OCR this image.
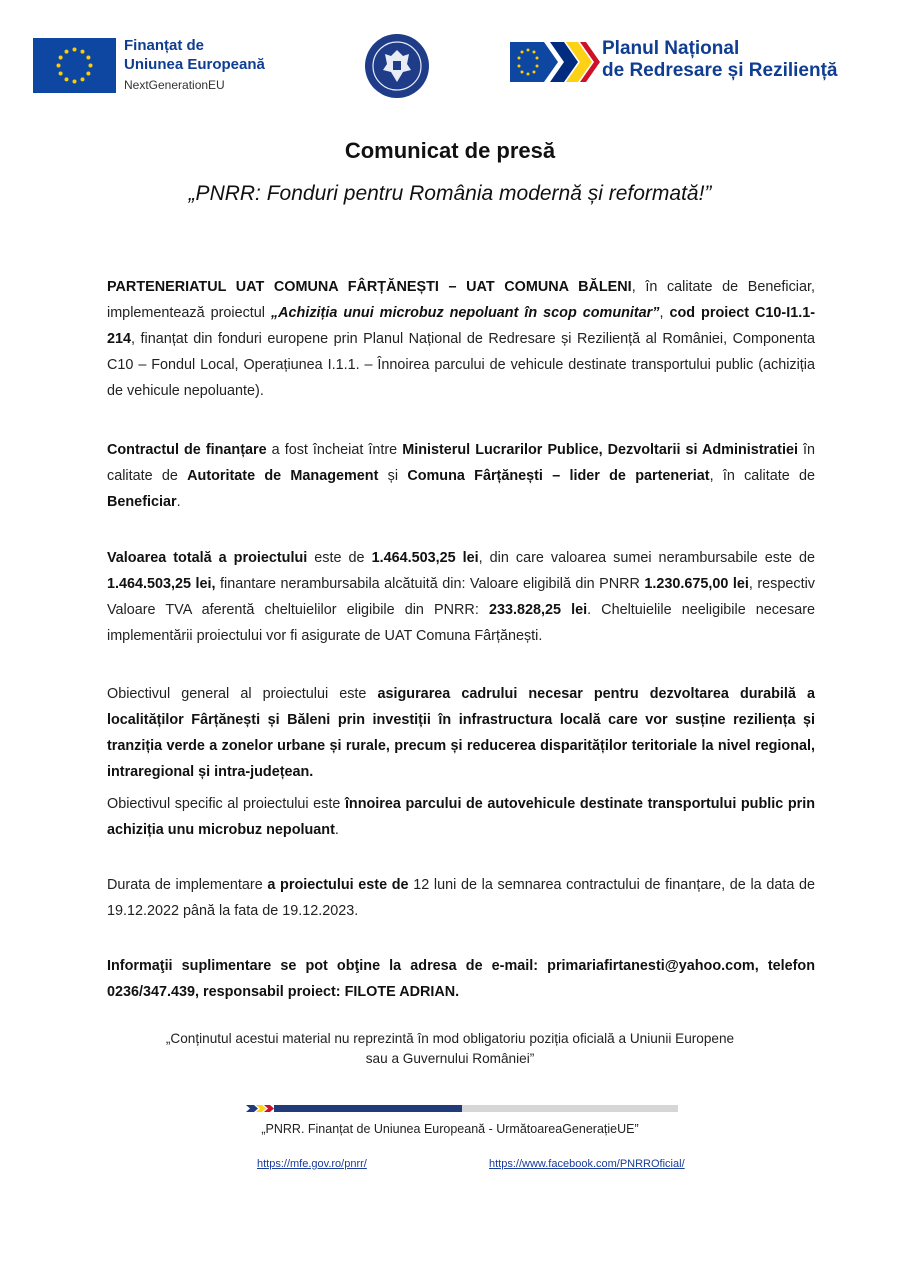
Finanțat de
Uniunea Europeană
NextGenerationEU
Planul Național
de Redresare și Reziliență
Comunicat de presă
„PNRR: Fonduri pentru România modernă și reformată!”
PARTENERIATUL UAT COMUNA FÂRȚĂNEȘTI – UAT COMUNA BĂLENI, în calitate de Beneficiar, implementează proiectul „Achiziția unui microbuz nepoluant în scop comunitar”, cod proiect C10-I1.1-214, finanțat din fonduri europene prin Planul Național de Redresare și Reziliență al României, Componenta C10 – Fondul Local, Operațiunea I.1.1. – Înnoirea parcului de vehicule destinate transportului public (achiziția de vehicule nepoluante).
Contractul de finanțare a fost încheiat între Ministerul Lucrarilor Publice, Dezvoltarii si Administratiei în calitate de Autoritate de Management și Comuna Fârțănești – lider de parteneriat, în calitate de Beneficiar.
Valoarea totală a proiectului este de 1.464.503,25 lei, din care valoarea sumei nerambursabile este de 1.464.503,25 lei, finantare nerambursabila alcătuită din: Valoare eligibilă din PNRR 1.230.675,00 lei, respectiv Valoare TVA aferentă cheltuielilor eligibile din PNRR: 233.828,25 lei. Cheltuielile neeligibile necesare implementării proiectului vor fi asigurate de UAT Comuna Fârțănești.
Obiectivul general al proiectului este asigurarea cadrului necesar pentru dezvoltarea durabilă a localităților Fârțănești și Băleni prin investiții în infrastructura locală care vor susține reziliența și tranziția verde a zonelor urbane și rurale, precum și reducerea disparităților teritoriale la nivel regional, intraregional și intra-județean.
Obiectivul specific al proiectului este înnoirea parcului de autovehicule destinate transportului public prin achiziția unu microbuz nepoluant.
Durata de implementare a proiectului este de 12 luni de la semnarea contractului de finanțare, de la data de 19.12.2022 până la fata de 19.12.2023.
Informaţii suplimentare se pot obţine la adresa de e-mail: primariafirtanesti@yahoo.com, telefon 0236/347.439, responsabil proiect: FILOTE ADRIAN.
„Conținutul acestui material nu reprezintă în mod obligatoriu poziția oficială a Uniunii Europene
sau a Guvernului României”
„PNRR. Finanțat de Uniunea Europeană - UrmătoareaGenerațieUE”
https://mfe.gov.ro/pnrr/	https://www.facebook.com/PNRROficial/
